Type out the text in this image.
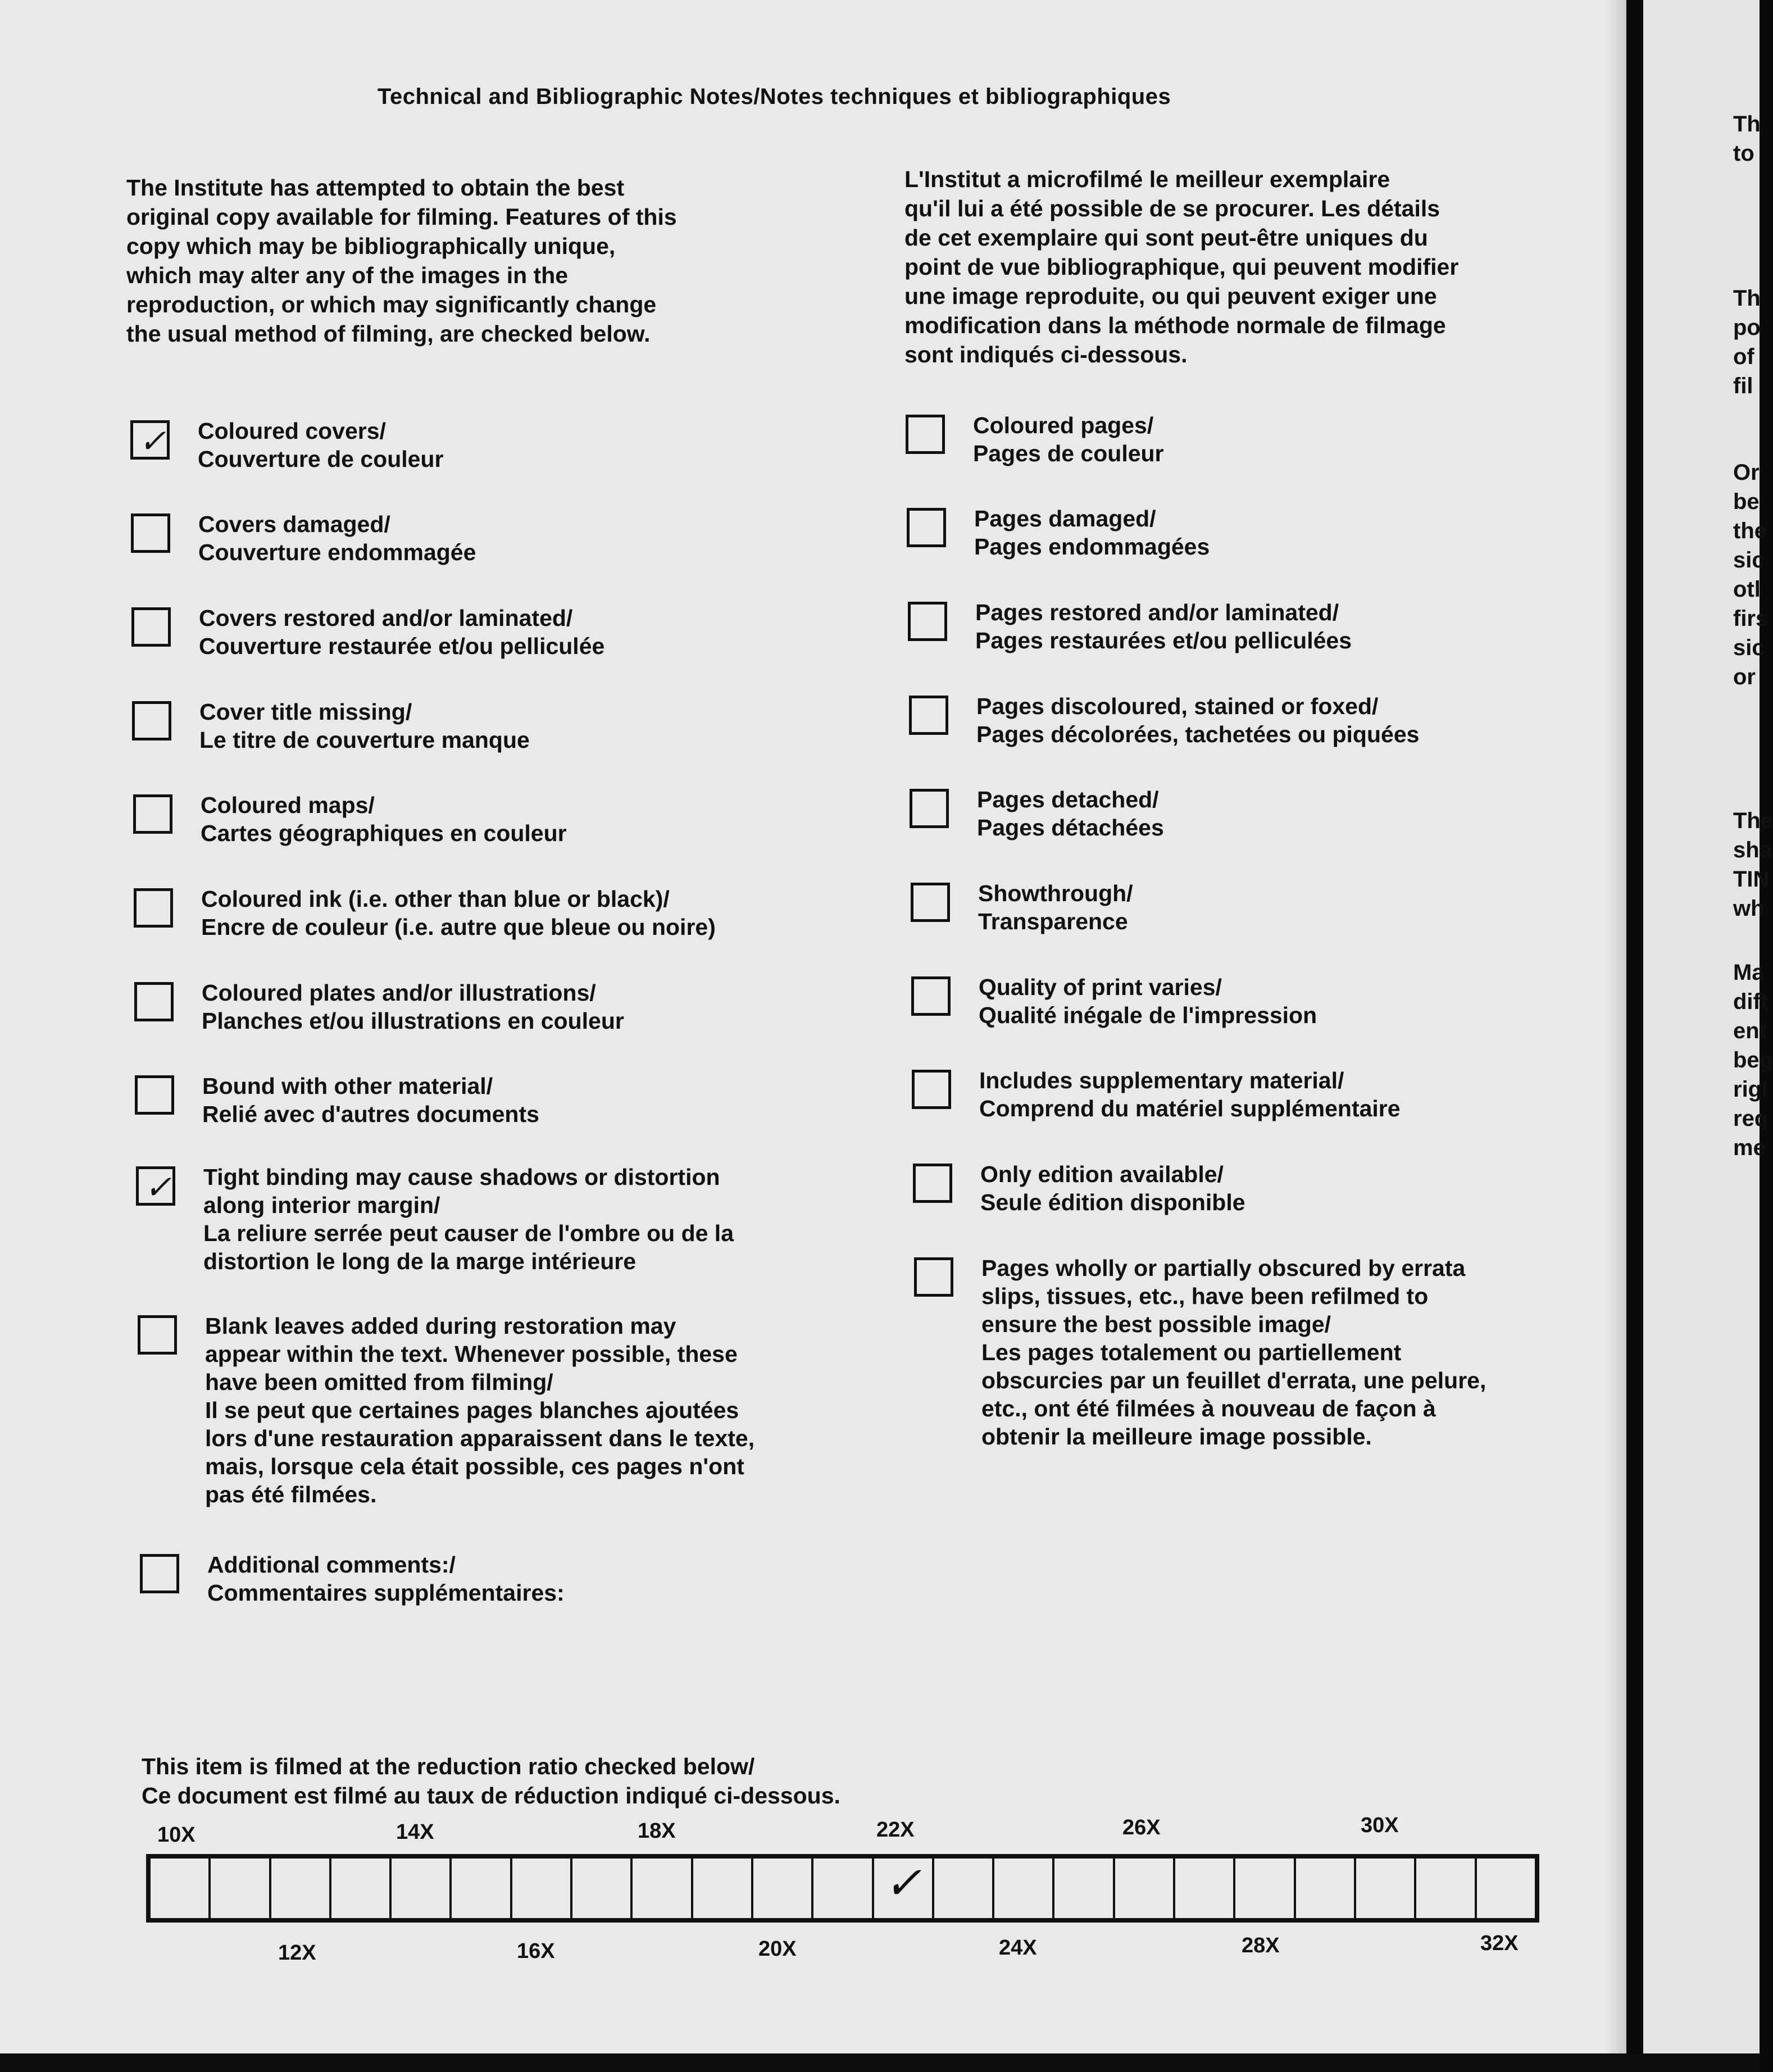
Technical and Bibliographic Notes/Notes techniques et bibliographiques
The Institute has attempted to obtain the best
original copy available for filming. Features of this
copy which may be bibliographically unique,
which may alter any of the images in the
reproduction, or which may significantly change
the usual method of filming, are checked below.
L'Institut a microfilmé le meilleur exemplaire
qu'il lui a été possible de se procurer. Les détails
de cet exemplaire qui sont peut-être uniques du
point de vue bibliographique, qui peuvent modifier
une image reproduite, ou qui peuvent exiger une
modification dans la méthode normale de filmage
sont indiqués ci-dessous.
✓ Coloured covers/
Couverture de couleur
Covers damaged/
Couverture endommagée
Covers restored and/or laminated/
Couverture restaurée et/ou pelliculée
Cover title missing/
Le titre de couverture manque
Coloured maps/
Cartes géographiques en couleur
Coloured ink (i.e. other than blue or black)/
Encre de couleur (i.e. autre que bleue ou noire)
Coloured plates and/or illustrations/
Planches et/ou illustrations en couleur
Bound with other material/
Relié avec d'autres documents
✓ Tight binding may cause shadows or distortion
along interior margin/
La reliure serrée peut causer de l'ombre ou de la
distortion le long de la marge intérieure
Blank leaves added during restoration may
appear within the text. Whenever possible, these
have been omitted from filming/
Il se peut que certaines pages blanches ajoutées
lors d'une restauration apparaissent dans le texte,
mais, lorsque cela était possible, ces pages n'ont
pas été filmées.
Additional comments:/
Commentaires supplémentaires:
Coloured pages/
Pages de couleur
Pages damaged/
Pages endommagées
Pages restored and/or laminated/
Pages restaurées et/ou pelliculées
Pages discoloured, stained or foxed/
Pages décolorées, tachetées ou piquées
Pages detached/
Pages détachées
Showthrough/
Transparence
Quality of print varies/
Qualité inégale de l'impression
Includes supplementary material/
Comprend du matériel supplémentaire
Only edition available/
Seule édition disponible
Pages wholly or partially obscured by errata
slips, tissues, etc., have been refilmed to
ensure the best possible image/
Les pages totalement ou partiellement
obscurcies par un feuillet d'errata, une pelure,
etc., ont été filmées à nouveau de façon à
obtenir la meilleure image possible.
This item is filmed at the reduction ratio checked below/
Ce document est filmé au taux de réduction indiqué ci-dessous.
10X	14X	18X	22X	26X	30X
12X	16X	20X	24X	28X	32X
✓
Th
to
Th
po
of
fil
Or
be
the
sic
otl
firs
sic
or
The
sha
TIN
wh
Ma
dift
ent
beg
rigl
req
me
